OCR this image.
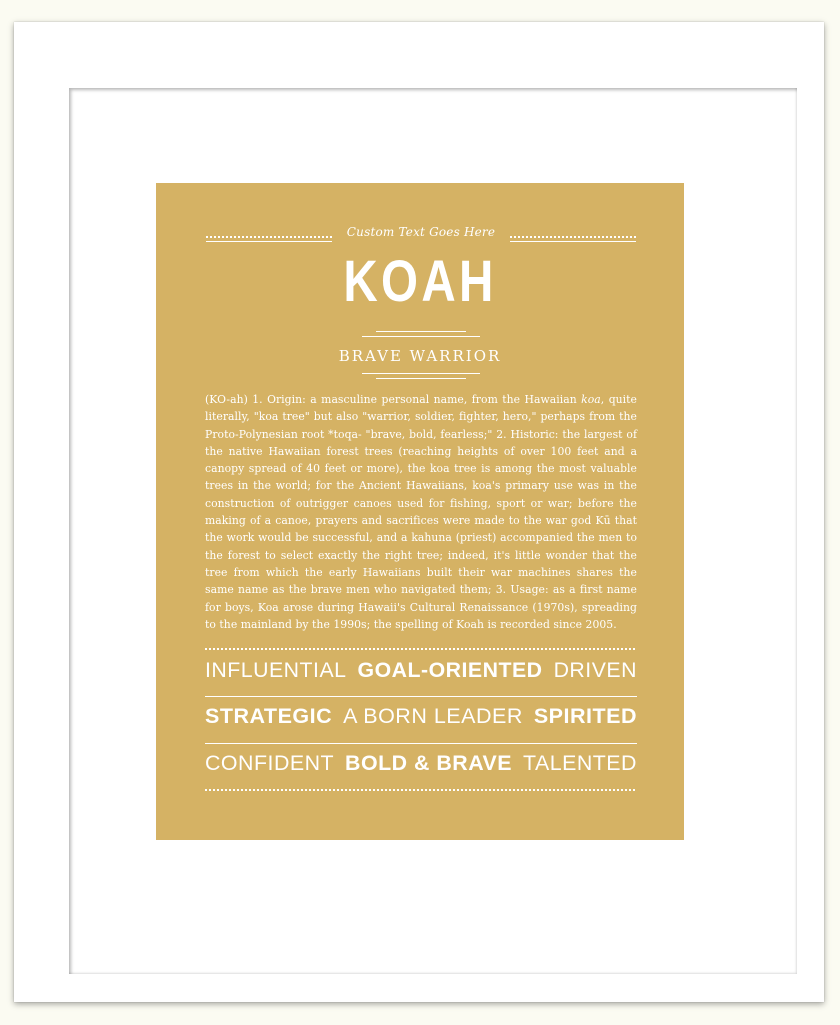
Custom Text Goes Here
KOAH
BRAVE WARRIOR
(KO-ah) 1. Origin: a masculine personal name, from the Hawaiian koa, quite literally, "koa tree" but also "warrior, soldier, fighter, hero," perhaps from the Proto-Polynesian root *toqa- "brave, bold, fearless;" 2. Historic: the largest of the native Hawaiian forest trees (reaching heights of over 100 feet and a canopy spread of 40 feet or more), the koa tree is among the most valuable trees in the world; for the Ancient Hawaiians, koa's primary use was in the construction of outrigger canoes used for fishing, sport or war; before the making of a canoe, prayers and sacrifices were made to the war god Kū that the work would be successful, and a kahuna (priest) accompanied the men to the forest to select exactly the right tree; indeed, it's little wonder that the tree from which the early Hawaiians built their war machines shares the same name as the brave men who navigated them; 3. Usage: as a first name for boys, Koa arose during Hawaii's Cultural Renaissance (1970s), spreading to the mainland by the 1990s; the spelling of Koah is recorded since 2005.
INFLUENTIAL GOAL-ORIENTED DRIVEN
STRATEGIC A BORN LEADER SPIRITED
CONFIDENT BOLD & BRAVE TALENTED
